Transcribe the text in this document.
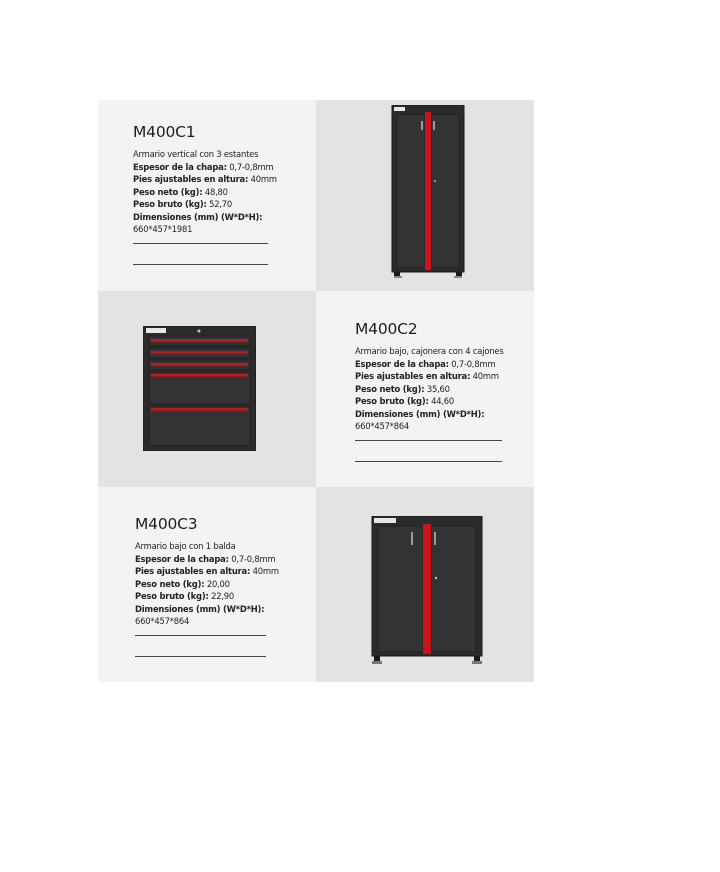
M400C1
Armario vertical con 3 estantes
Espesor de la chapa: 0,7-0,8mm
Pies ajustables en altura: 40mm
Peso neto (kg): 48,80
Peso bruto (kg): 52,70
Dimensiones (mm) (W*D*H):
660*457*1981
M400C2
Armario bajo, cajonera con 4 cajones
Espesor de la chapa: 0,7-0,8mm
Pies ajustables en altura: 40mm
Peso neto (kg): 35,60
Peso bruto (kg): 44,60
Dimensiones (mm) (W*D*H):
660*457*864
M400C3
Armario bajo con 1 balda
Espesor de la chapa: 0,7-0,8mm
Pies ajustables en altura: 40mm
Peso neto (kg): 20,00
Peso bruto (kg): 22,90
Dimensiones (mm) (W*D*H):
660*457*864
